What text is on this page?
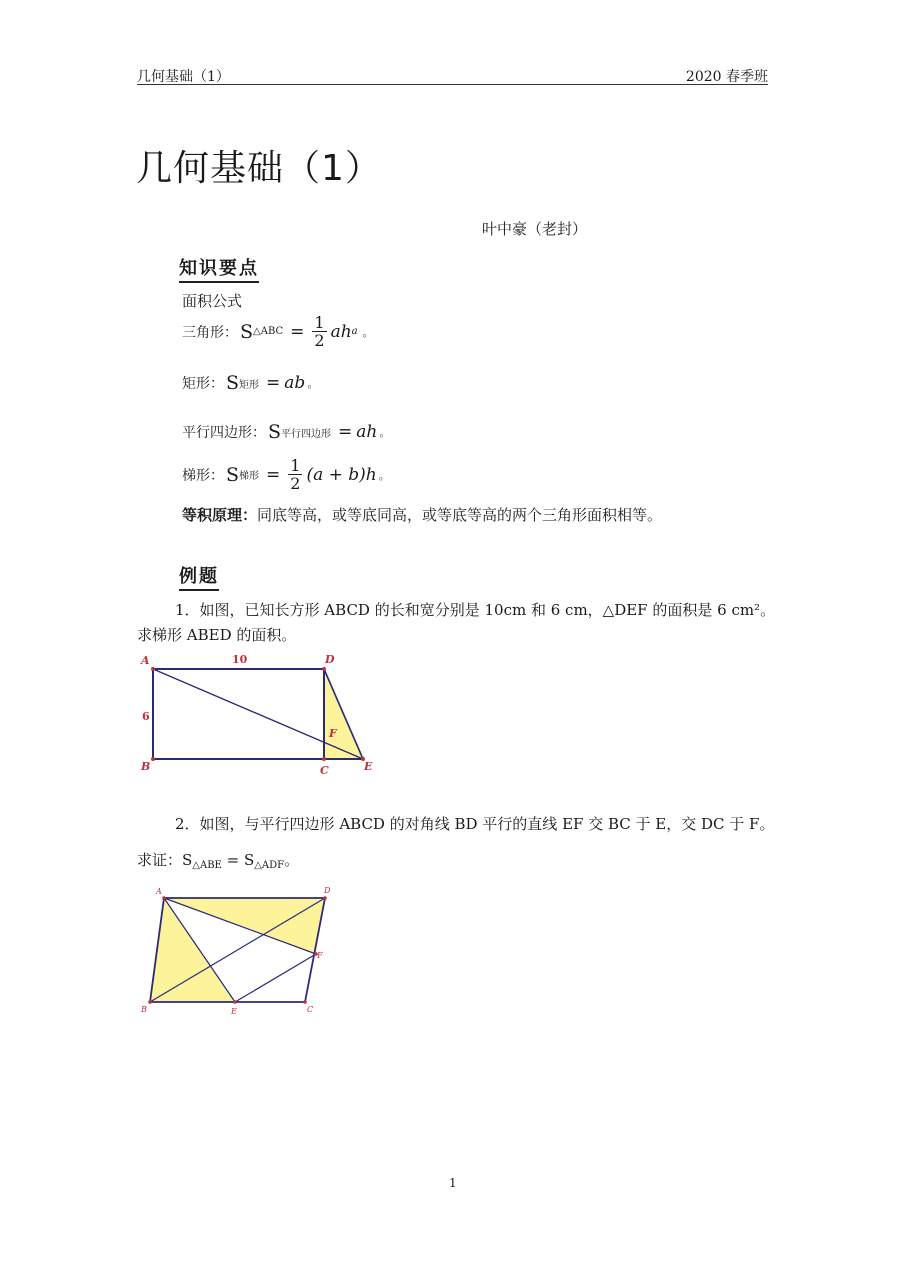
几何基础（1）	2020 春季班
几何基础（1）
叶中豪（老封）
知识要点
面积公式
三角形： S △ABC = $\frac{1}{2}$ ah a 。
矩形： S 矩形 = ab 。
平行四边形： S 平行四边形 = ah 。
梯形： S 梯形 = $\frac{1}{2} (a + b)h$ 。
等积原理：同底等高，或等底同高，或等底等高的两个三角形面积相等。
例题
1．如图，已知长方形 ABCD 的长和宽分别是 10cm 和 6 cm，△DEF 的面积是 6 cm²。
求梯形 ABED 的面积。
A	D
B	C	E
F
10
6
2．如图，与平行四边形 ABCD 的对角线 BD 平行的直线 EF 交 BC 于 E，交 DC 于 F。
求证：$S_{\triangle ABE} = S_{\triangle ADF}$。
A	D
B	E	C
F
1
